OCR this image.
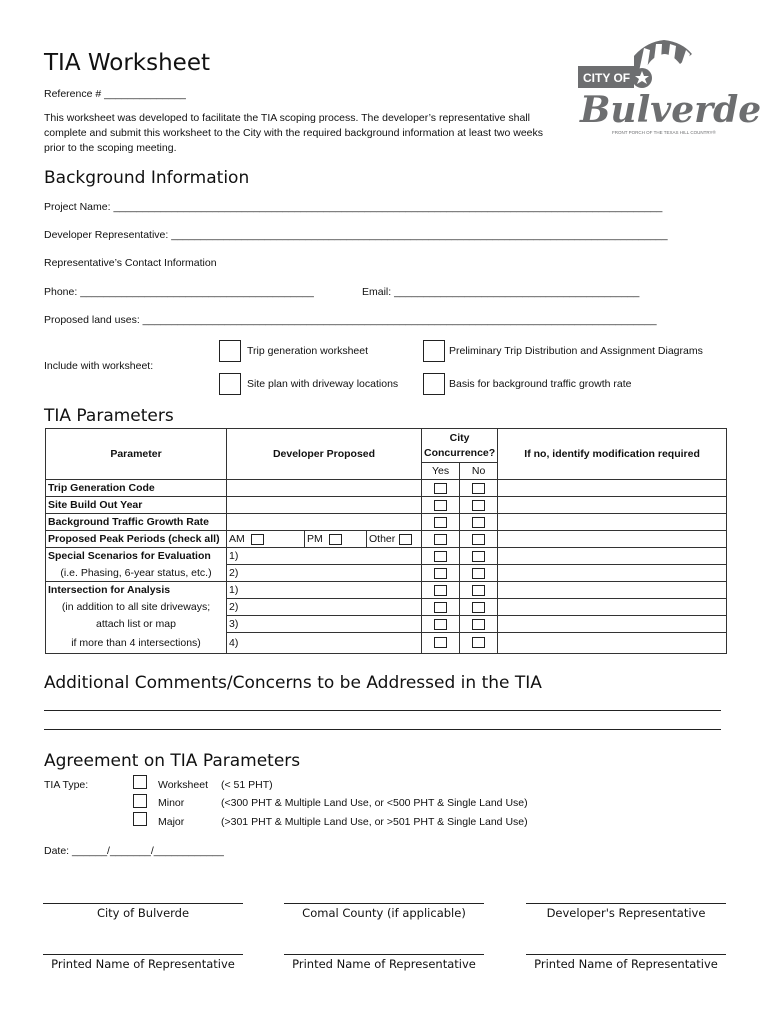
TIA Worksheet
Reference # ______________
This worksheet was developed to facilitate the TIA scoping process. The developer’s representative shall complete and submit this worksheet to the City with the required background information at least two weeks prior to the scoping meeting.
CITY OF
Bulverde
FRONT PORCH OF THE TEXAS HILL COUNTRY®
Background Information
Project Name: ______________________________________________________________________________________________
Developer Representative: _____________________________________________________________________________________
Representative’s Contact Information
Phone: ________________________________________	Email: __________________________________________
Proposed land uses: ________________________________________________________________________________________
Include with worksheet:
Trip generation worksheet	Preliminary Trip Distribution and Assignment Diagrams
Site plan with driveway locations	Basis for background traffic growth rate
TIA Parameters
Parameter	Developer Proposed	City Concurrence?		If no, identify modification required
		Yes	No	
Trip Generation Code				
Site Build Out Year				
Background Traffic Growth Rate				
Proposed Peak Periods (check all)	AM PM Other			

Special Scenarios for Evaluation	1)			
(i.e. Phasing, 6-year status, etc.)	2)			
Intersection for Analysis	1)			
(in addition to all site driveways;	2)			
attach list or map	3)			
if more than 4 intersections)	4)			
Additional Comments/Concerns to be Addressed in the TIA
Agreement on TIA Parameters
TIA Type:	Worksheet (< 51 PHT)
Minor	(<300 PHT & Multiple Land Use, or <500 PHT & Single Land Use)
Major	(>301 PHT & Multiple Land Use, or >501 PHT & Single Land Use)
Date: ______/_______/____________
City of Bulverde	Comal County (if applicable)	Developer's Representative
Printed Name of Representative	Printed Name of Representative	Printed Name of Representative
